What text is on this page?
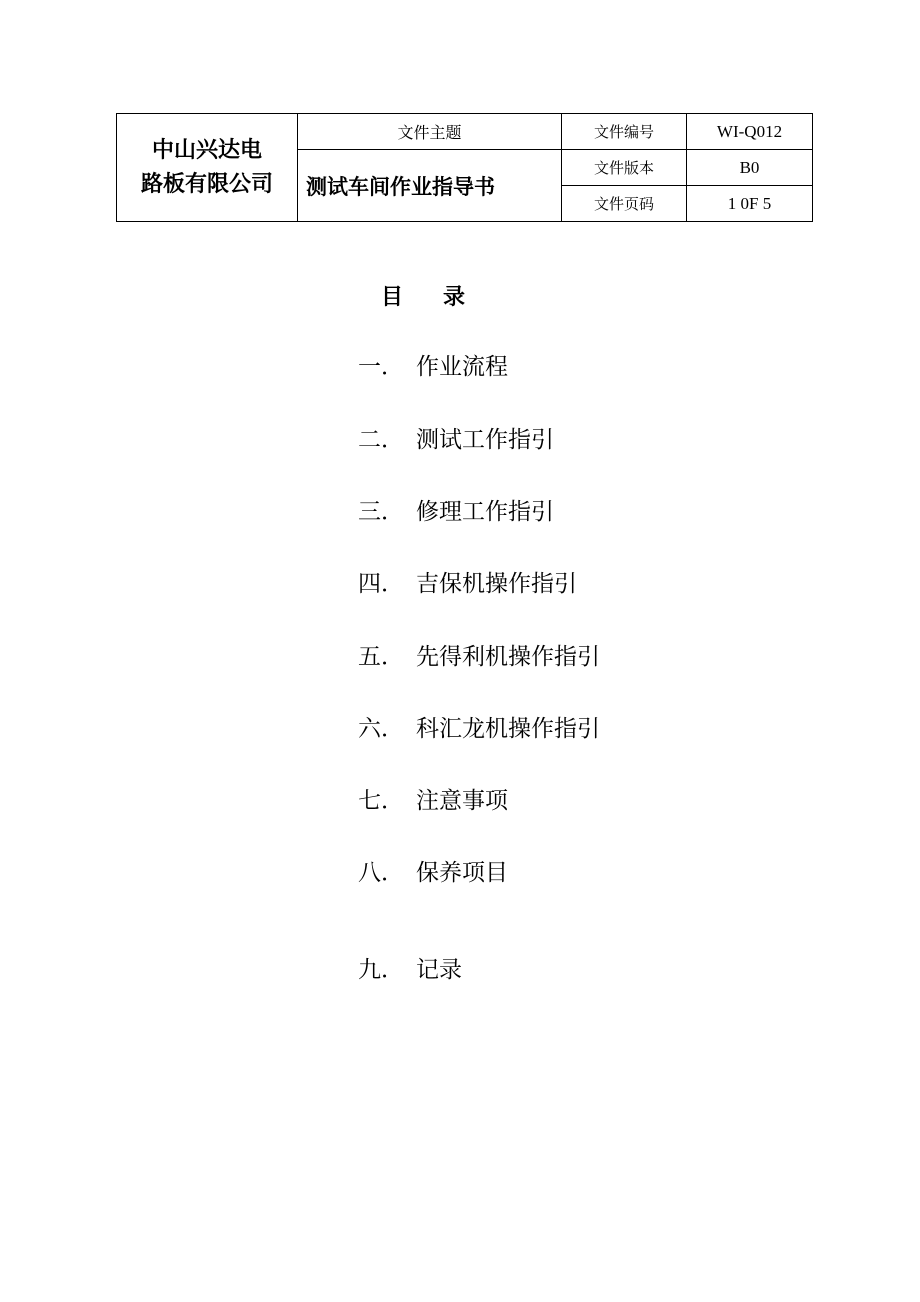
中山兴达电
路板有限公司	文件主题	文件编号	WI-Q012
	测试车间作业指导书	文件版本	B0
		文件页码	1 0F 5
目录
一． 作业流程
二． 测试工作指引
三． 修理工作指引
四． 吉保机操作指引
五． 先得利机操作指引
六． 科汇龙机操作指引
七． 注意事项
八． 保养项目
九． 记录
